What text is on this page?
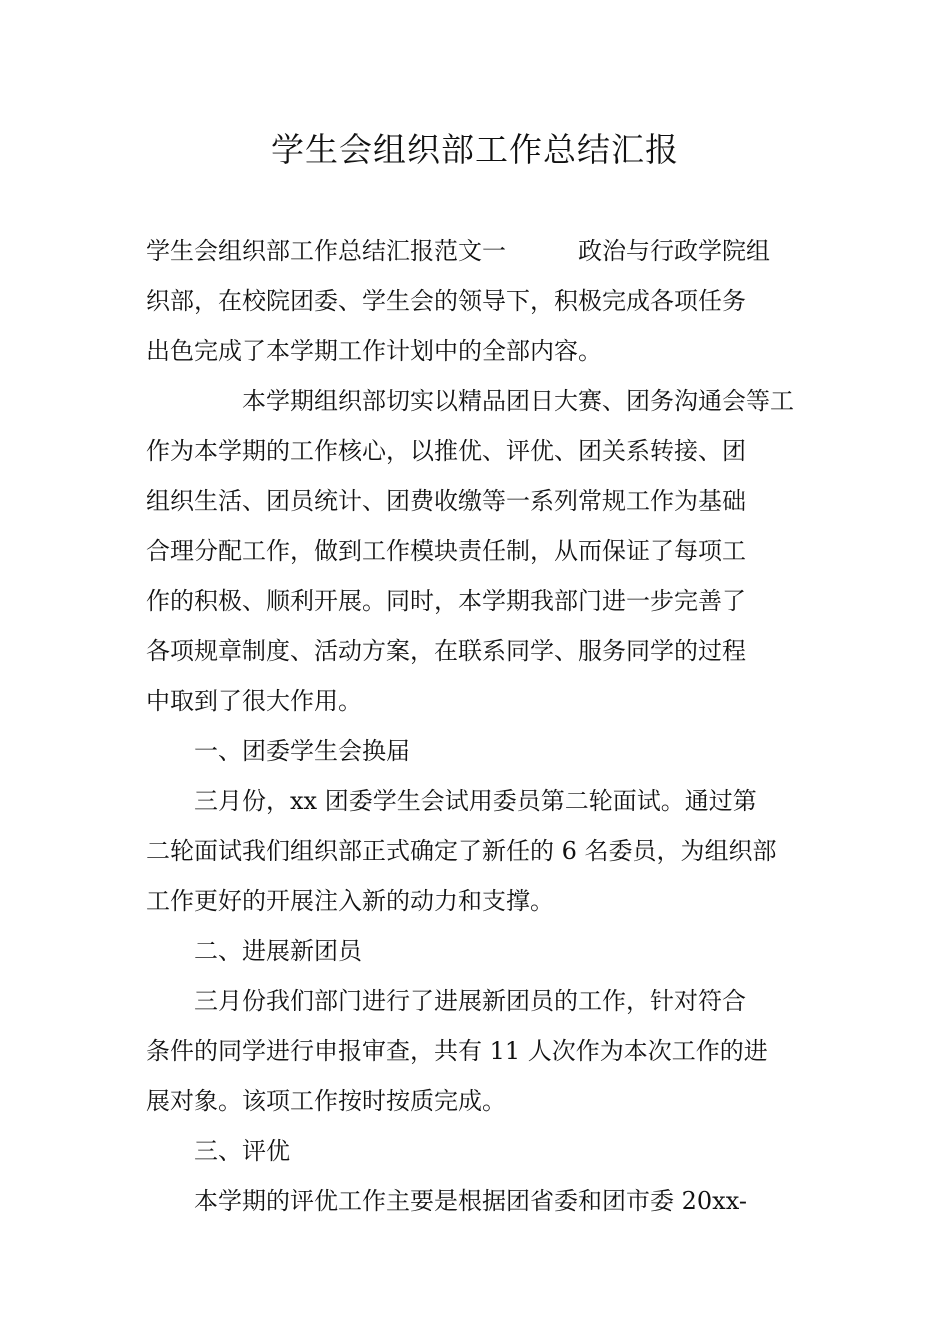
学生会组织部工作总结汇报
学生会组织部工作总结汇报范文一	政治与行政学院组
织部，在校院团委、学生会的领导下，积极完成各项任务
出色完成了本学期工作计划中的全部内容。
本学期组织部切实以精品团日大赛、团务沟通会等工
作为本学期的工作核心，以推优、评优、团关系转接、团
组织生活、团员统计、团费收缴等一系列常规工作为基础
合理分配工作，做到工作模块责任制，从而保证了每项工
作的积极、顺利开展。同时，本学期我部门进一步完善了
各项规章制度、活动方案，在联系同学、服务同学的过程
中取到了很大作用。
一、团委学生会换届
三月份，xx 团委学生会试用委员第二轮面试。通过第
二轮面试我们组织部正式确定了新任的 6 名委员，为组织部
工作更好的开展注入新的动力和支撑。
二、进展新团员
三月份我们部门进行了进展新团员的工作，针对符合
条件的同学进行申报审查，共有 11 人次作为本次工作的进
展对象。该项工作按时按质完成。
三、评优
本学期的评优工作主要是根据团省委和团市委 20xx-
